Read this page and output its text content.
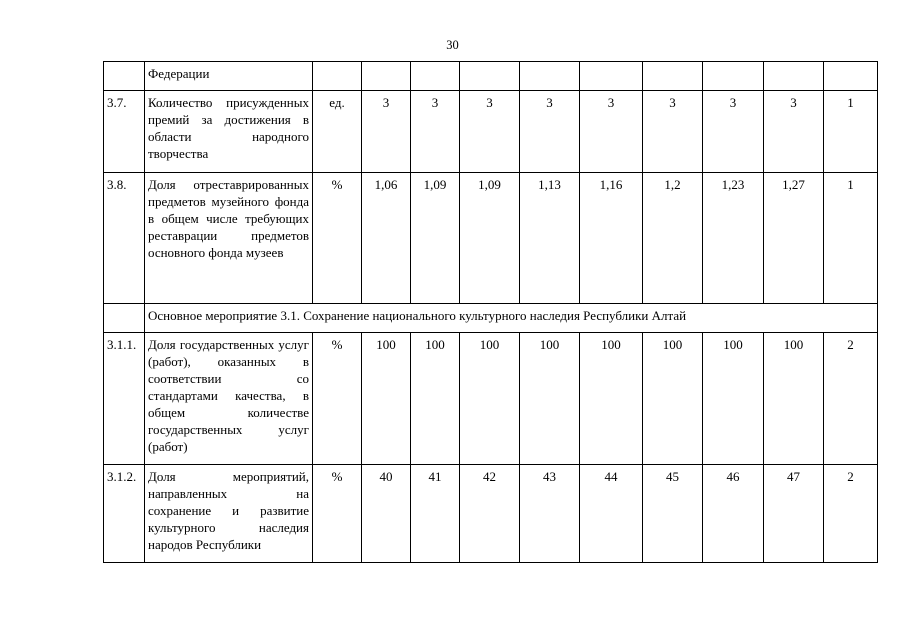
30
	Федерации										
3.7.	Количество присужденных премий за достижения в области народного творчества	ед.	3	3	3	3	3	3	3	3	1
3.8.	Доля отреставрированных предметов музейного фонда в общем числе требующих реставрации предметов основного фонда музеев	%	1,06	1,09	1,09	1,13	1,16	1,2	1,23	1,27	1
	Основное мероприятие 3.1. Сохранение национального культурного наследия Республики Алтай										
3.1.1.	Доля государственных услуг (работ), оказанных в соответствии со стандартами качества, в общем количестве государственных услуг (работ)	%	100	100	100	100	100	100	100	100	2
3.1.2.	Доля мероприятий, направленных на сохранение и развитие культурного наследия народов Республики	%	40	41	42	43	44	45	46	47	2
